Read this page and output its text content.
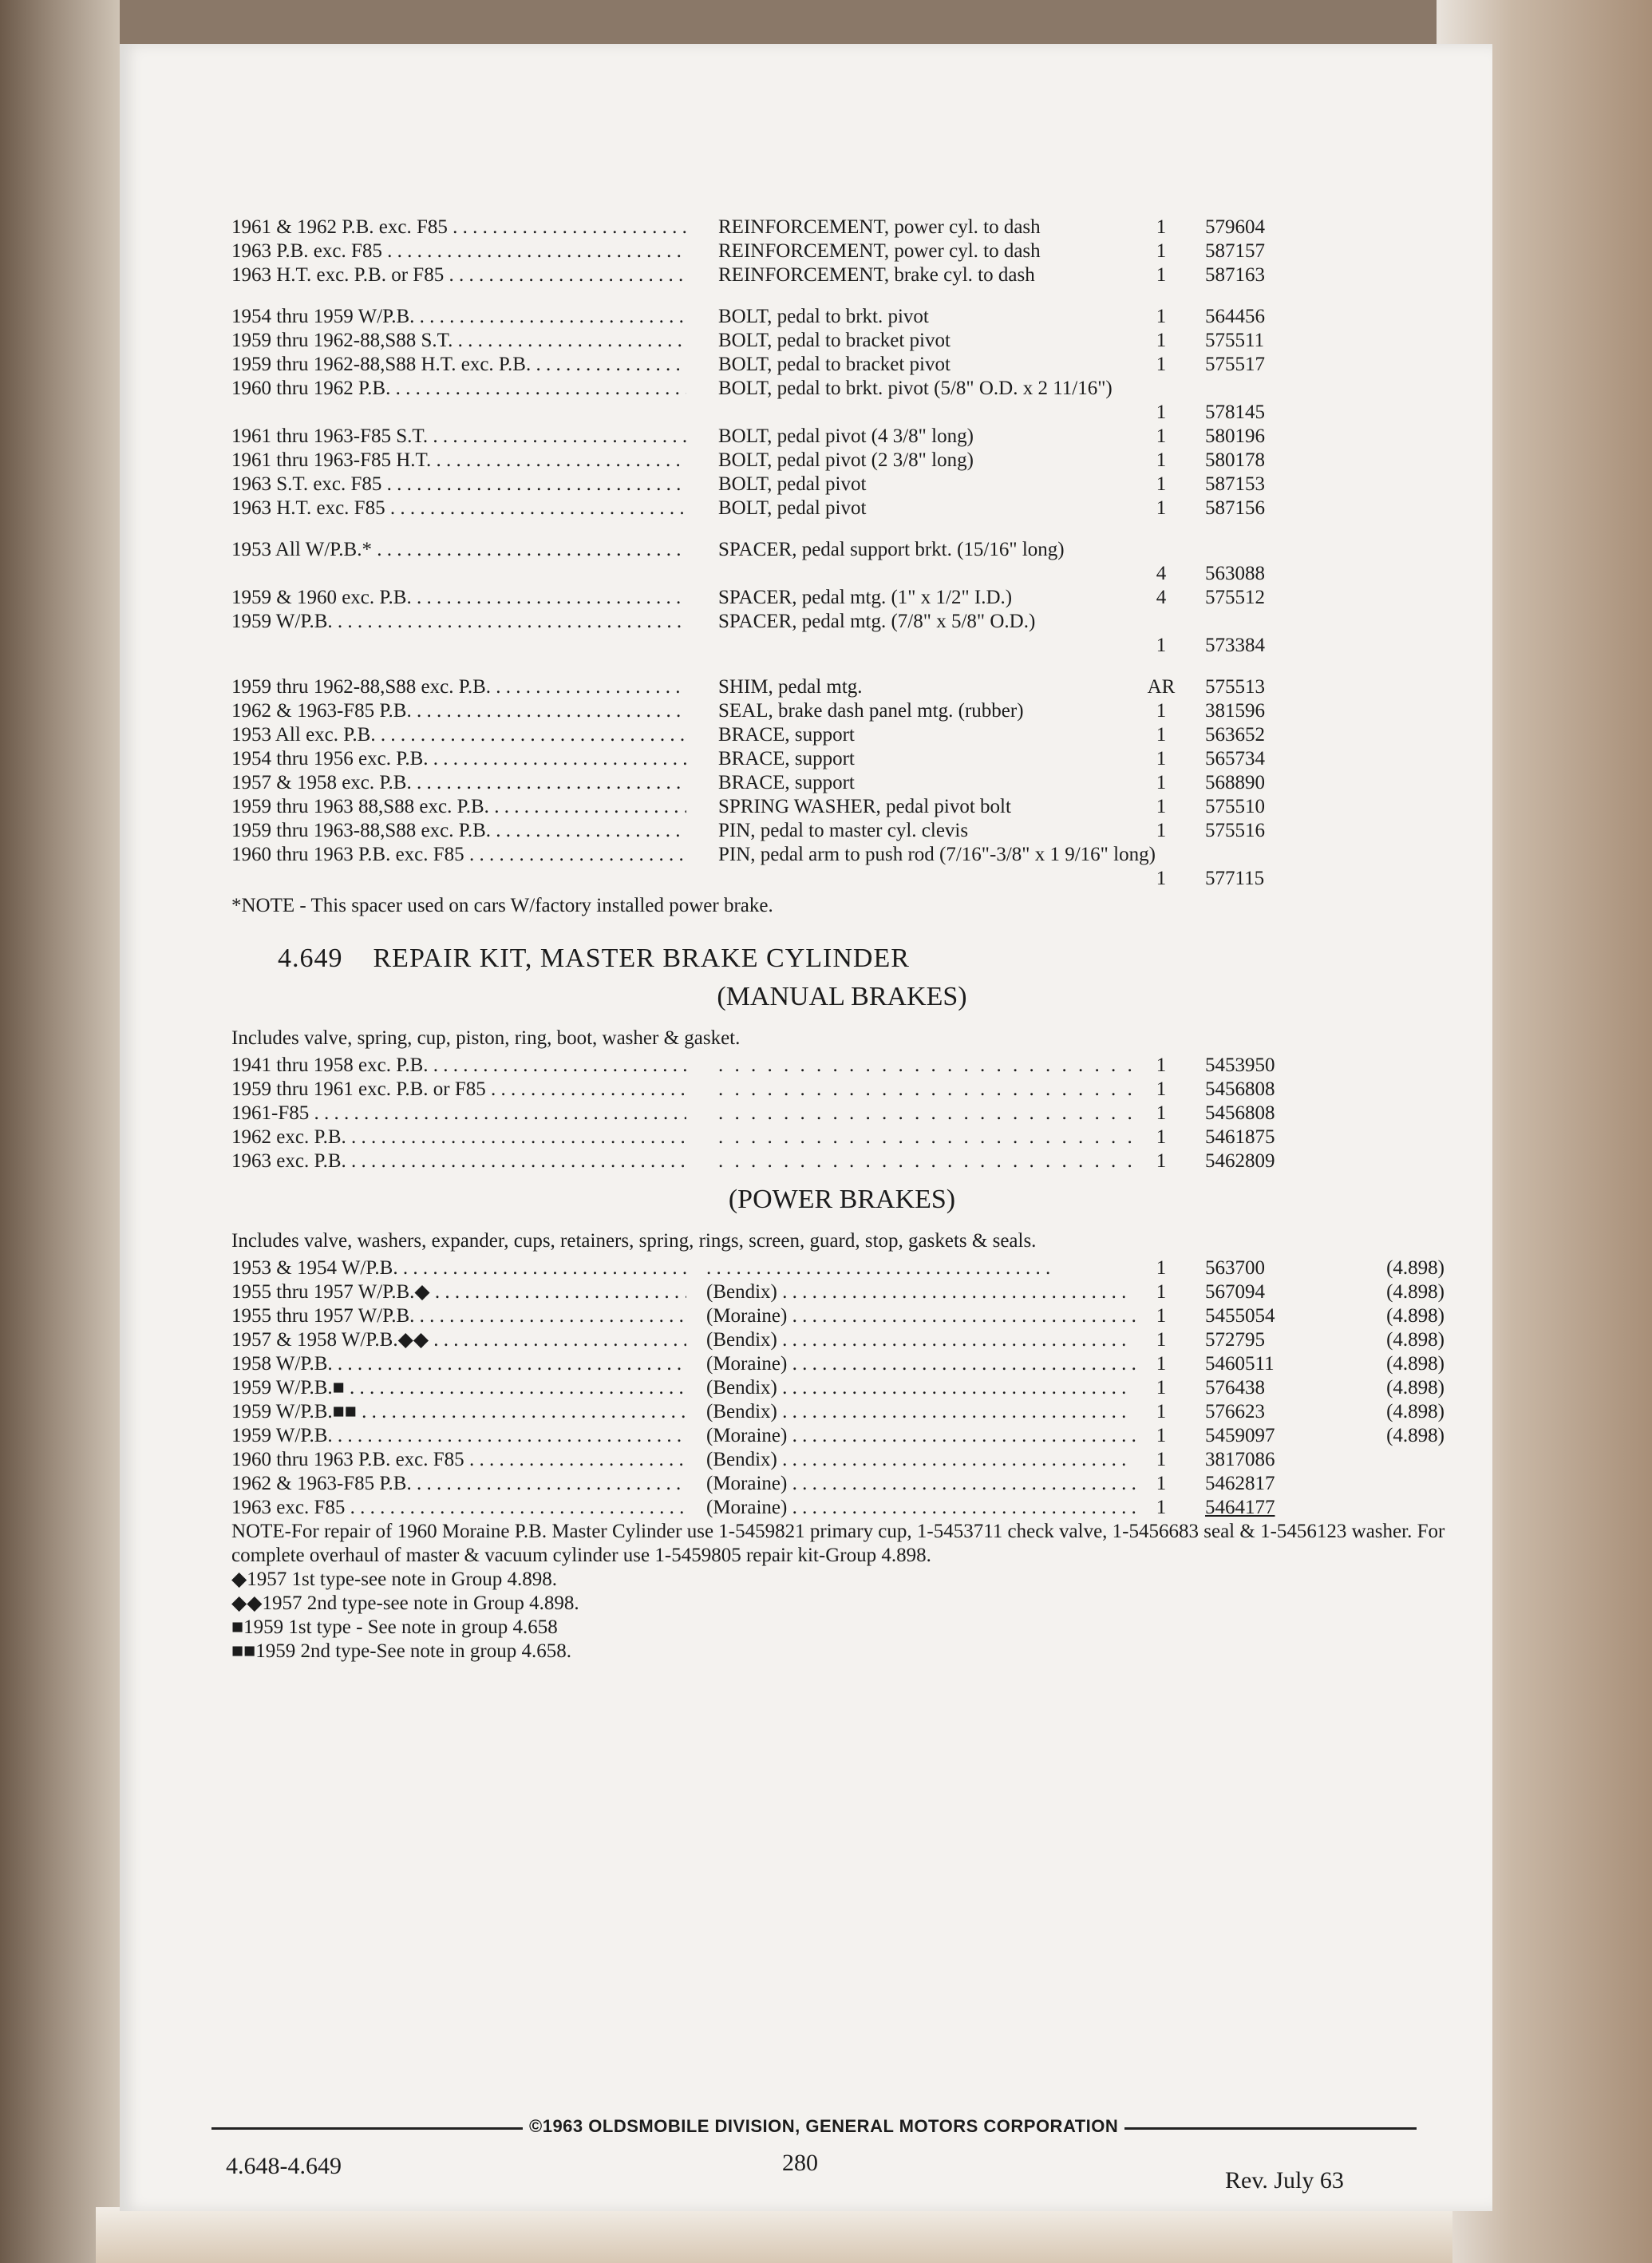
1961 & 1962 P.B. exc. F85 . . .	REINFORCEMENT, power cyl. to dash	1	579604
1963 P.B. exc. F85 . . .	REINFORCEMENT, power cyl. to dash	1	587157
1963 H.T. exc. P.B. or F85 . . .	REINFORCEMENT, brake cyl. to dash	1	587163
1954 thru 1959 W/P.B. . . .	BOLT, pedal to brkt. pivot	1	564456
1959 thru 1962-88,S88 S.T. . . .	BOLT, pedal to bracket pivot	1	575511
1959 thru 1962-88,S88 H.T. exc. P.B. . . .	BOLT, pedal to bracket pivot	1	575517
1960 thru 1962 P.B. . . .	BOLT, pedal to brkt. pivot (5/8" O.D. x 2 11/16")
1	578145
1961 thru 1963-F85 S.T. . . .	BOLT, pedal pivot (4 3/8" long)	1	580196
1961 thru 1963-F85 H.T. . . .	BOLT, pedal pivot (2 3/8" long)	1	580178
1963 S.T. exc. F85 . . .	BOLT, pedal pivot	1	587153
1963 H.T. exc. F85 . . .	BOLT, pedal pivot	1	587156
1953 All W/P.B.* . . .	SPACER, pedal support brkt. (15/16" long)
4	563088
1959 & 1960 exc. P.B. . . .	SPACER, pedal mtg. (1" x 1/2" I.D.)	4	575512
1959 W/P.B. . . .	SPACER, pedal mtg. (7/8" x 5/8" O.D.)
1	573384
1959 thru 1962-88,S88 exc. P.B. . . .	SHIM, pedal mtg.	AR	575513
1962 & 1963-F85 P.B. . . .	SEAL, brake dash panel mtg. (rubber)	1	381596
1953 All exc. P.B. . . .	BRACE, support	1	563652
1954 thru 1956 exc. P.B. . . .	BRACE, support	1	565734
1957 & 1958 exc. P.B. . . .	BRACE, support	1	568890
1959 thru 1963 88,S88 exc. P.B. . . .	SPRING WASHER, pedal pivot bolt	1	575510
1959 thru 1963-88,S88 exc. P.B. . . .	PIN, pedal to master cyl. clevis	1	575516
1960 thru 1963 P.B. exc. F85 . . .	PIN, pedal arm to push rod (7/16"-3/8" x 1 9/16" long)
1	577115
*NOTE - This spacer used on cars W/factory installed power brake.
4.649 REPAIR KIT, MASTER BRAKE CYLINDER
(MANUAL BRAKES)
Includes valve, spring, cup, piston, ring, boot, washer & gasket.
1941 thru 1958 exc. P.B. . . . . . .	1	5453950
1959 thru 1961 exc. P.B. or F85 . . . . . .	1	5456808
1961-F85 . . . . . .	1	5456808
1962 exc. P.B. . . . . . .	1	5461875
1963 exc. P.B. . . . . . .	1	5462809
(POWER BRAKES)
Includes valve, washers, expander, cups, retainers, spring, rings, screen, guard, stop, gaskets & seals.
1953 & 1954 W/P.B. . . . . . .	1	563700	(4.898)
1955 thru 1957 W/P.B.◆ . . .	(Bendix) . . .	1	567094	(4.898)
1955 thru 1957 W/P.B. . . .	(Moraine) . . .	1	5455054	(4.898)
1957 & 1958 W/P.B.◆◆ . . .	(Bendix) . . .	1	572795	(4.898)
1958 W/P.B. . . .	(Moraine) . . .	1	5460511	(4.898)
1959 W/P.B.■ . . .	(Bendix) . . .	1	576438	(4.898)
1959 W/P.B.■■ . . .	(Bendix) . . .	1	576623	(4.898)
1959 W/P.B. . . .	(Moraine) . . .	1	5459097	(4.898)
1960 thru 1963 P.B. exc. F85 . . .	(Bendix) . . .	1	3817086
1962 & 1963-F85 P.B. . . .	(Moraine) . . .	1	5462817
1963 exc. F85 . . .	(Moraine) . . .	1	5464177
NOTE-For repair of 1960 Moraine P.B. Master Cylinder use 1-5459821 primary cup, 1-5453711 check valve, 1-5456683 seal & 1-5456123 washer. For complete overhaul of master & vacuum cylinder use 1-5459805 repair kit-Group 4.898.
◆1957 1st type-see note in Group 4.898.
◆◆1957 2nd type-see note in Group 4.898.
■1959 1st type - See note in group 4.658
■■1959 2nd type-See note in group 4.658.
©1963 OLDSMOBILE DIVISION, GENERAL MOTORS CORPORATION
4.648-4.649	280
Rev. July 63
